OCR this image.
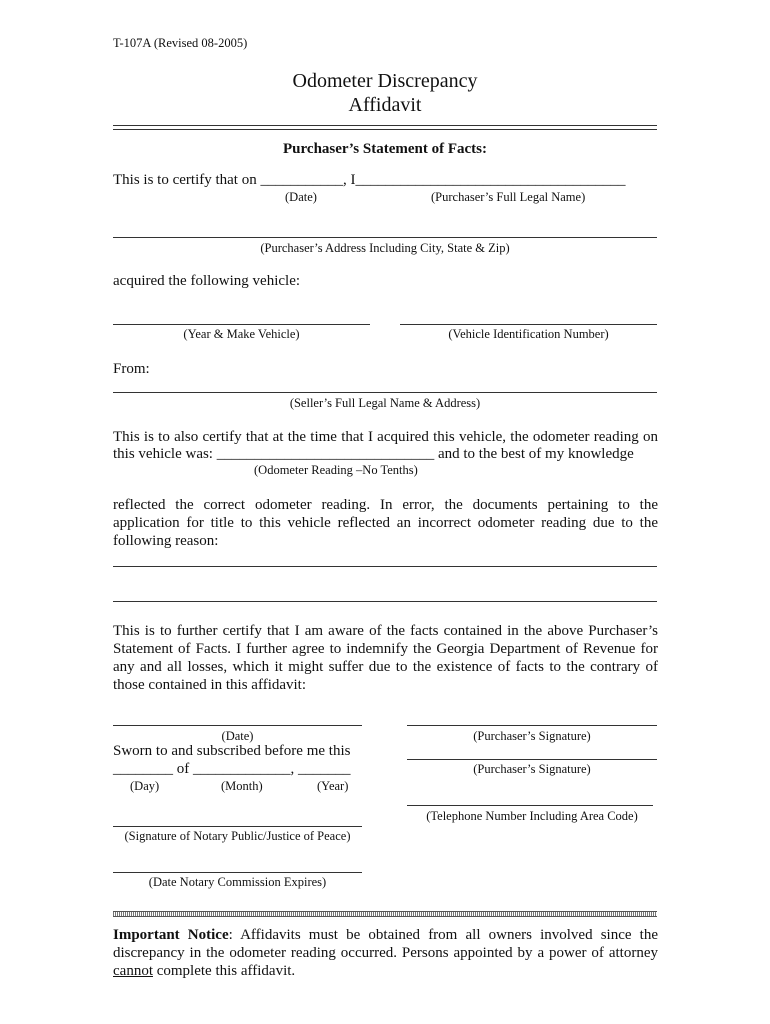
T-107A (Revised 08-2005)
Odometer Discrepancy
Affidavit
Purchaser’s Statement of Facts:
This is to certify that on ___________, I____________________________________
(Date)	(Purchaser’s Full Legal Name)
(Purchaser’s Address Including City, State & Zip)
acquired the following vehicle:
(Year & Make Vehicle)	(Vehicle Identification Number)
From:
(Seller’s Full Legal Name & Address)
This is to also certify that at the time that I acquired this vehicle, the odometer reading on
this vehicle was: _____________________________ and to the best of my knowledge
(Odometer Reading –No Tenths)
reflected the correct odometer reading. In error, the documents pertaining to the application for title to this vehicle reflected an incorrect odometer reading due to the following reason:
This is to further certify that I am aware of the facts contained in the above Purchaser’s Statement of Facts. I further agree to indemnify the Georgia Department of Revenue for any and all losses, which it might suffer due to the existence of facts to the contrary of those contained in this affidavit:
(Date)
Sworn to and subscribed before me this
________ of _____________, _______
(Day)	(Month)	(Year)
(Signature of Notary Public/Justice of Peace)
(Date Notary Commission Expires)
(Purchaser’s Signature)
(Purchaser’s Signature)
(Telephone Number Including Area Code)
Important Notice: Affidavits must be obtained from all owners involved since the discrepancy in the odometer reading occurred. Persons appointed by a power of attorney cannot complete this affidavit.
